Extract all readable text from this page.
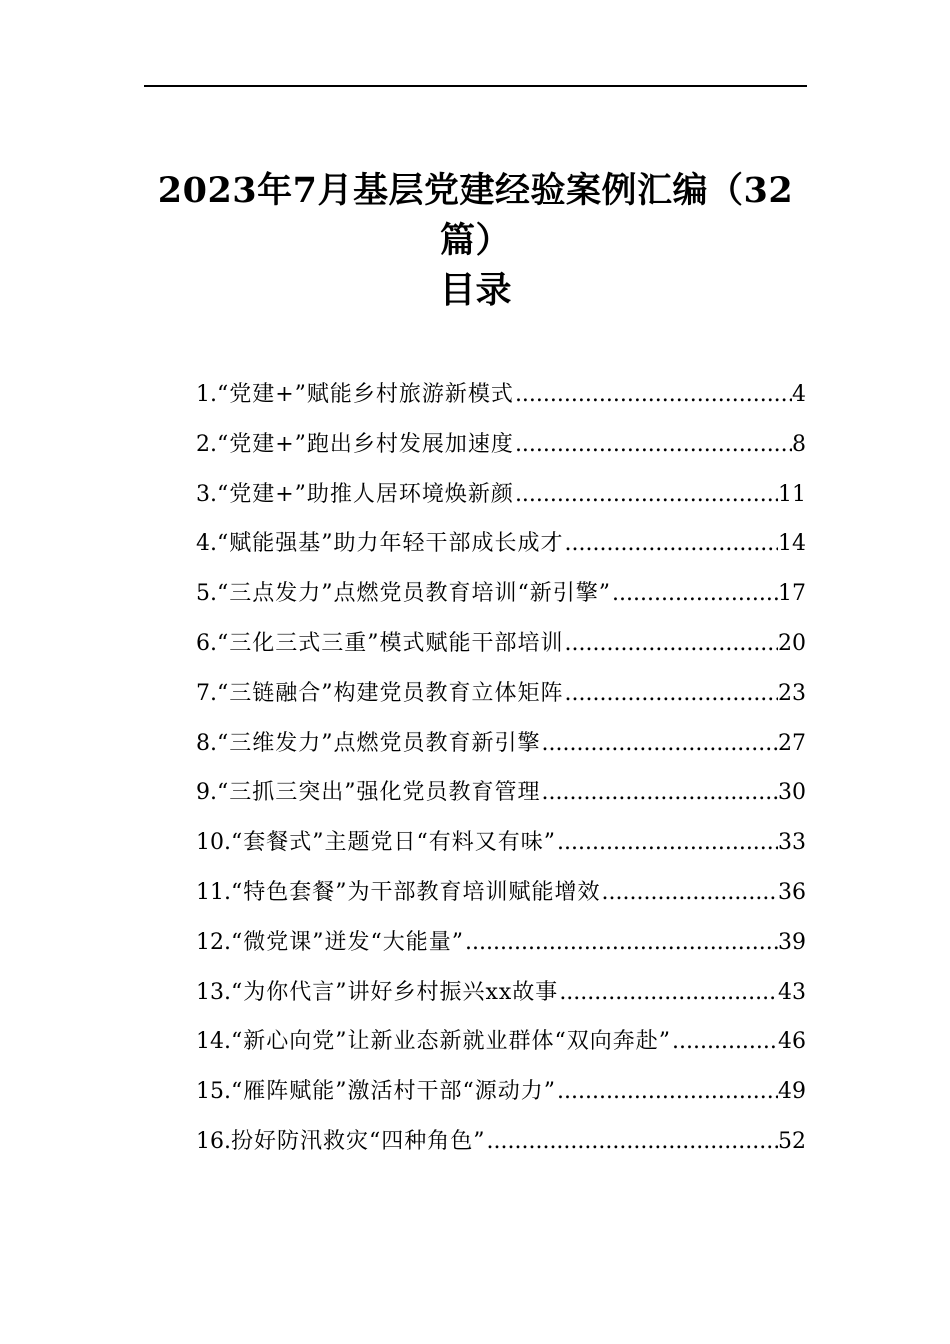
2023年7月基层党建经验案例汇编（32篇）
目录
1. “党建+”赋能乡村旅游新模式 .....	4
2. “党建+”跑出乡村发展加速度 .....	8
3. “党建+”助推人居环境焕新颜 .....	11
4. “赋能强基”助力年轻干部成长成才 .....	14
5. “三点发力”点燃党员教育培训“新引擎” .....	17
6. “三化三式三重”模式赋能干部培训 .....	20
7. “三链融合”构建党员教育立体矩阵 .....	23
8. “三维发力”点燃党员教育新引擎 .....	27
9. “三抓三突出”强化党员教育管理 .....	30
10. “套餐式”主题党日“有料又有味” .....	33
11. “特色套餐”为干部教育培训赋能增效 .....	36
12. “微党课”迸发“大能量” .....	39
13. “为你代言”讲好乡村振兴xx故事 .....	43
14. “新心向党”让新业态新就业群体“双向奔赴” .....	46
15. “雁阵赋能”激活村干部“源动力” .....	49
16. 扮好防汛救灾“四种角色” .....	52
